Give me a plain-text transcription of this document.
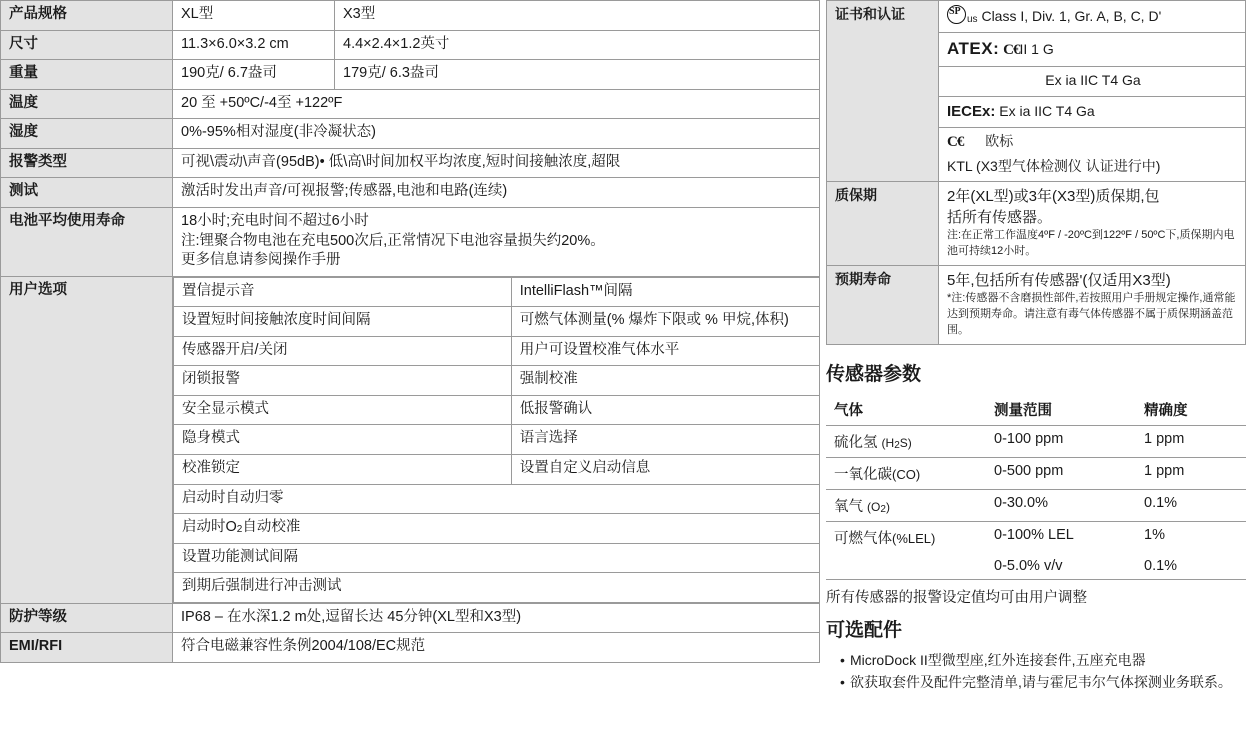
产品规格	XL型	X3型
尺寸	11.3×6.0×3.2 cm	4.4×2.4×1.2英寸
重量	190克/ 6.7盎司	179克/ 6.3盎司
温度	20 至 +50ºC/-4至 +122ºF
湿度	0%‐95%相对湿度(非冷凝状态)
报警类型	可视\震动\声音(95dB)• 低\高\时间加权平均浓度,短时间接触浓度,超限
测试	激活时发出声音/可视报警;传感器,电池和电路(连续)
电池平均使用寿命	18小时;充电时间不超过6小时
注:锂聚合物电池在充电500次后,正常情况下电池容量损失约20%。
更多信息请参阅操作手册

用户选项		置信提示音	IntelliFlash™间隔
设置短时间接触浓度时间间隔	可燃气体测量(% 爆炸下限或 % 甲烷,体积)
传感器开启/关闭	用户可设置校准气体水平
闭锁报警	强制校准
安全显示模式	低报警确认
隐身模式	语言选择
校准锁定	设置自定义启动信息
启动时自动归零
启动时O2自动校准
设置功能测试间隔
到期后强制进行冲击测试

防护等级	IP68 – 在水深1.2 m处,逗留长达 45分钟(XL型和X3型)
EMI/RFI	符合电磁兼容性条例2004/108/EC规范
证书和认证	SPus Class I, Div. 1, Gr. A, B, C, D'
	ATEX: C€II 1 G
	Ex ia IIC T4 Ga
	IECEx: Ex ia IIC T4 Ga

	C€ 欧标
KTL (X3型气体检测仪 认证进行中)

质保期	2年(XL型)或3年(X3型)质保期,包
括所有传感器。
注:在正常工作温度4ºF / -20ºC到122ºF / 50ºC下,质保期内电池可持续12小时。

预期寿命	5年,包括所有传感器'(仅适用X3型)
*注:传感器不含磨损性部件,若按照用户手册规定操作,通常能达到预期寿命。请注意有毒气体传感器不属于质保期涵盖范围。
传感器参数
气体	测量范围	精确度
硫化氢 (H2S)	0-100 ppm	1 ppm
一氧化碳(CO)	0-500 ppm	1 ppm
氧气 (O2)	0-30.0%	0.1%
可燃气体(%LEL)	0-100% LEL	1%
	0-5.0% v/v	0.1%

所有传感器的报警设定值均可由用户调整

可选配件
• MicroDock II型微型座,红外连接套件,五座充电器
• 欲获取套件及配件完整清单,请与霍尼韦尔气体探测业务联系。
